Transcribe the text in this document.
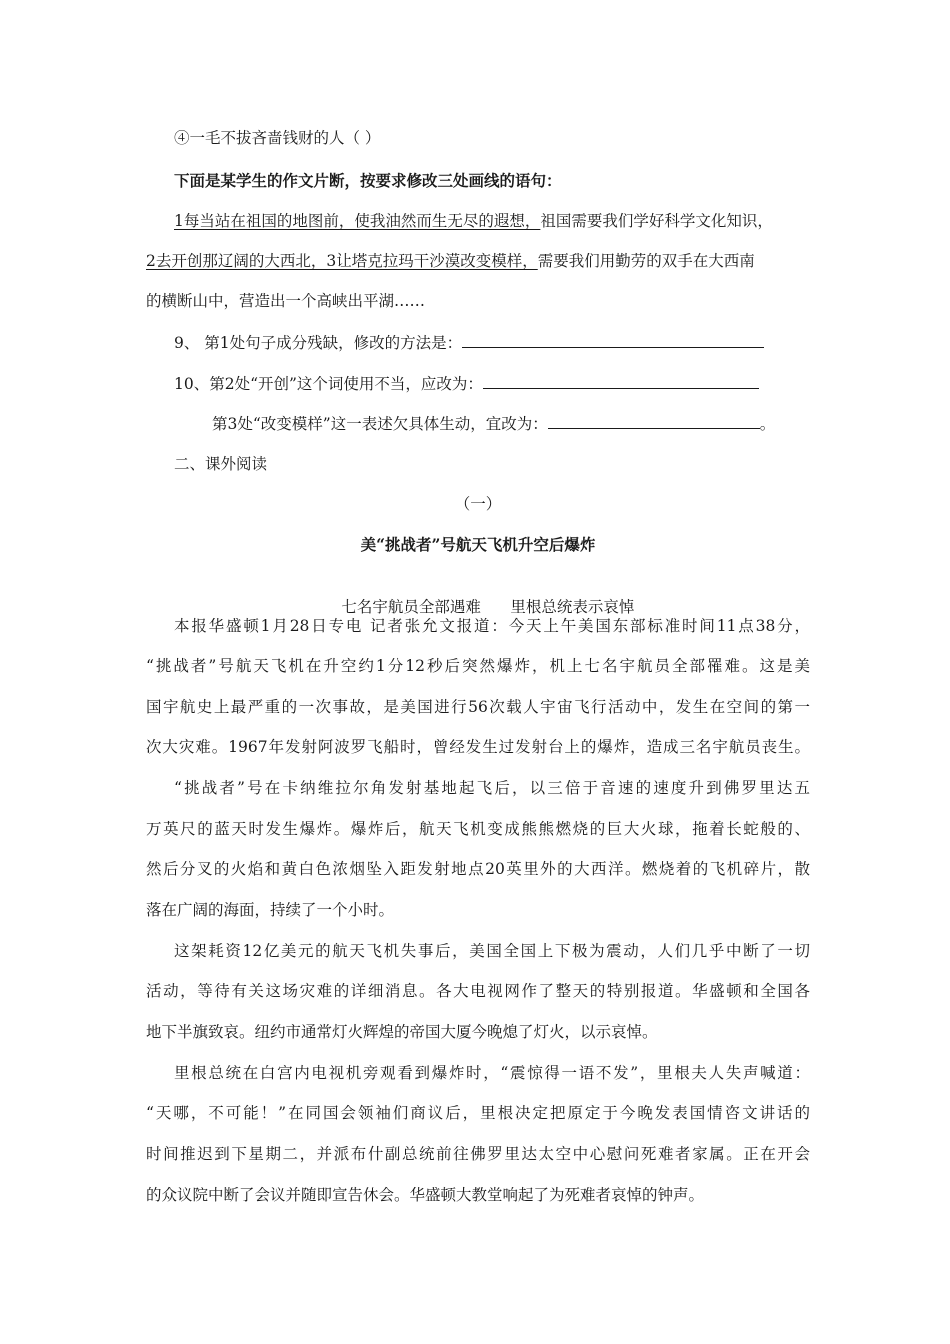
④一毛不拔吝啬钱财的人（ ）
下面是某学生的作文片断，按要求修改三处画线的语句：
1每当站在祖国的地图前，使我油然而生无尽的遐想，祖国需要我们学好科学文化知识，
2去开创那辽阔的大西北，3让塔克拉玛干沙漠改变模样，需要我们用勤劳的双手在大西南
的横断山中，营造出一个高峡出平湖……
9、 第1处句子成分残缺，修改的方法是：
10、第2处“开创”这个词使用不当，应改为：
第3处“改变模样”这一表述欠具体生动，宜改为：	。
二、课外阅读
（一）
美“挑战者”号航天飞机升空后爆炸

七名宇航员全部遇难      里根总统表示哀悼

本报华盛顿1月28日专电 记者张允文报道：今天上午美国东部标准时间11点38分，
“挑战者”号航天飞机在升空约1分12秒后突然爆炸，机上七名宇航员全部罹难。这是美
国宇航史上最严重的一次事故，是美国进行56次载人宇宙飞行活动中，发生在空间的第一
次大灾难。1967年发射阿波罗飞船时，曾经发生过发射台上的爆炸，造成三名宇航员丧生。
“挑战者”号在卡纳维拉尔角发射基地起飞后，以三倍于音速的速度升到佛罗里达五
万英尺的蓝天时发生爆炸。爆炸后，航天飞机变成熊熊燃烧的巨大火球，拖着长蛇般的、
然后分叉的火焰和黄白色浓烟坠入距发射地点20英里外的大西洋。燃烧着的飞机碎片，散
落在广阔的海面，持续了一个小时。
这架耗资12亿美元的航天飞机失事后，美国全国上下极为震动，人们几乎中断了一切
活动，等待有关这场灾难的详细消息。各大电视网作了整天的特别报道。华盛顿和全国各
地下半旗致哀。纽约市通常灯火辉煌的帝国大厦今晚熄了灯火，以示哀悼。
里根总统在白宫内电视机旁观看到爆炸时，“震惊得一语不发”，里根夫人失声喊道：
“天哪，不可能！”在同国会领袖们商议后，里根决定把原定于今晚发表国情咨文讲话的
时间推迟到下星期二，并派布什副总统前往佛罗里达太空中心慰问死难者家属。正在开会
的众议院中断了会议并随即宣告休会。华盛顿大教堂响起了为死难者哀悼的钟声。
